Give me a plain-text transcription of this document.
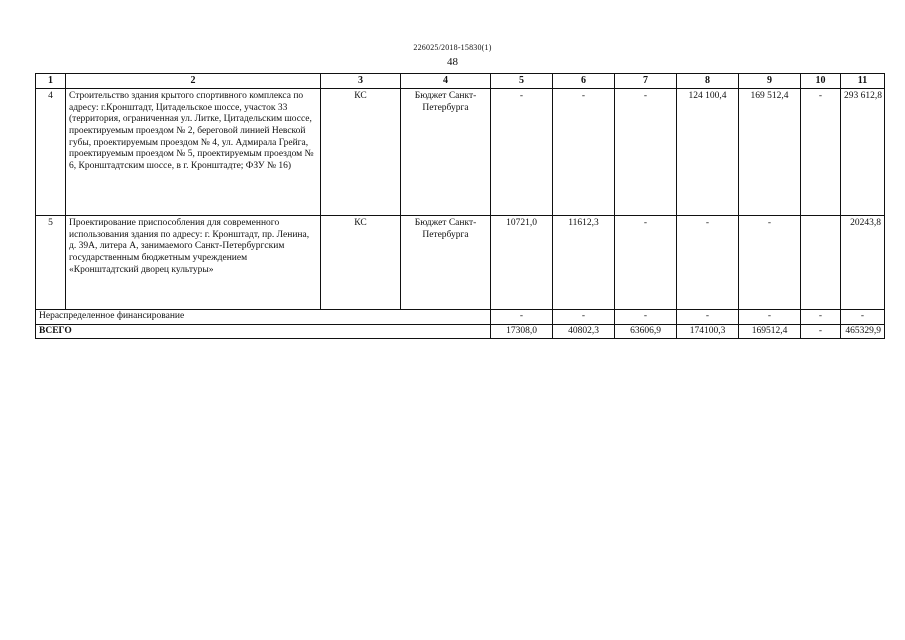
226025/2018-15830(1)
48
1	2	3	4	5	6	7	8	9	10	11
4	Строительство здания крытого спортивного комплекса по адресу: г.Кронштадт, Цитадельское шоссе, участок 33 (территория, ограниченная ул. Литке, Цитадельским шоссе, проектируемым проездом № 2, береговой линией Невской губы, проектируемым проездом № 4, ул. Адмирала Грейга, проектируемым проездом № 5, проектируемым проездом № 6, Кронштадтским шоссе, в г. Кронштадте; ФЗУ № 16)	КС	Бюджет Санкт-Петербурга	-	-	-	124 100,4	169 512,4	-	293 612,8
5	Проектирование приспособления для современного использования здания по адресу: г. Кронштадт, пр. Ленина, д. 39А, литера А, занимаемого Санкт-Петербургским государственным бюджетным учреждением «Кронштадтский дворец культуры»	КС	Бюджет Санкт-Петербурга	10721,0	11612,3	-	-	-		20243,8
Нераспределенное финансирование				-	-	-	-	-	-	-
ВСЕГО				17308,0	40802,3	63606,9	174100,3	169512,4	-	465329,9
